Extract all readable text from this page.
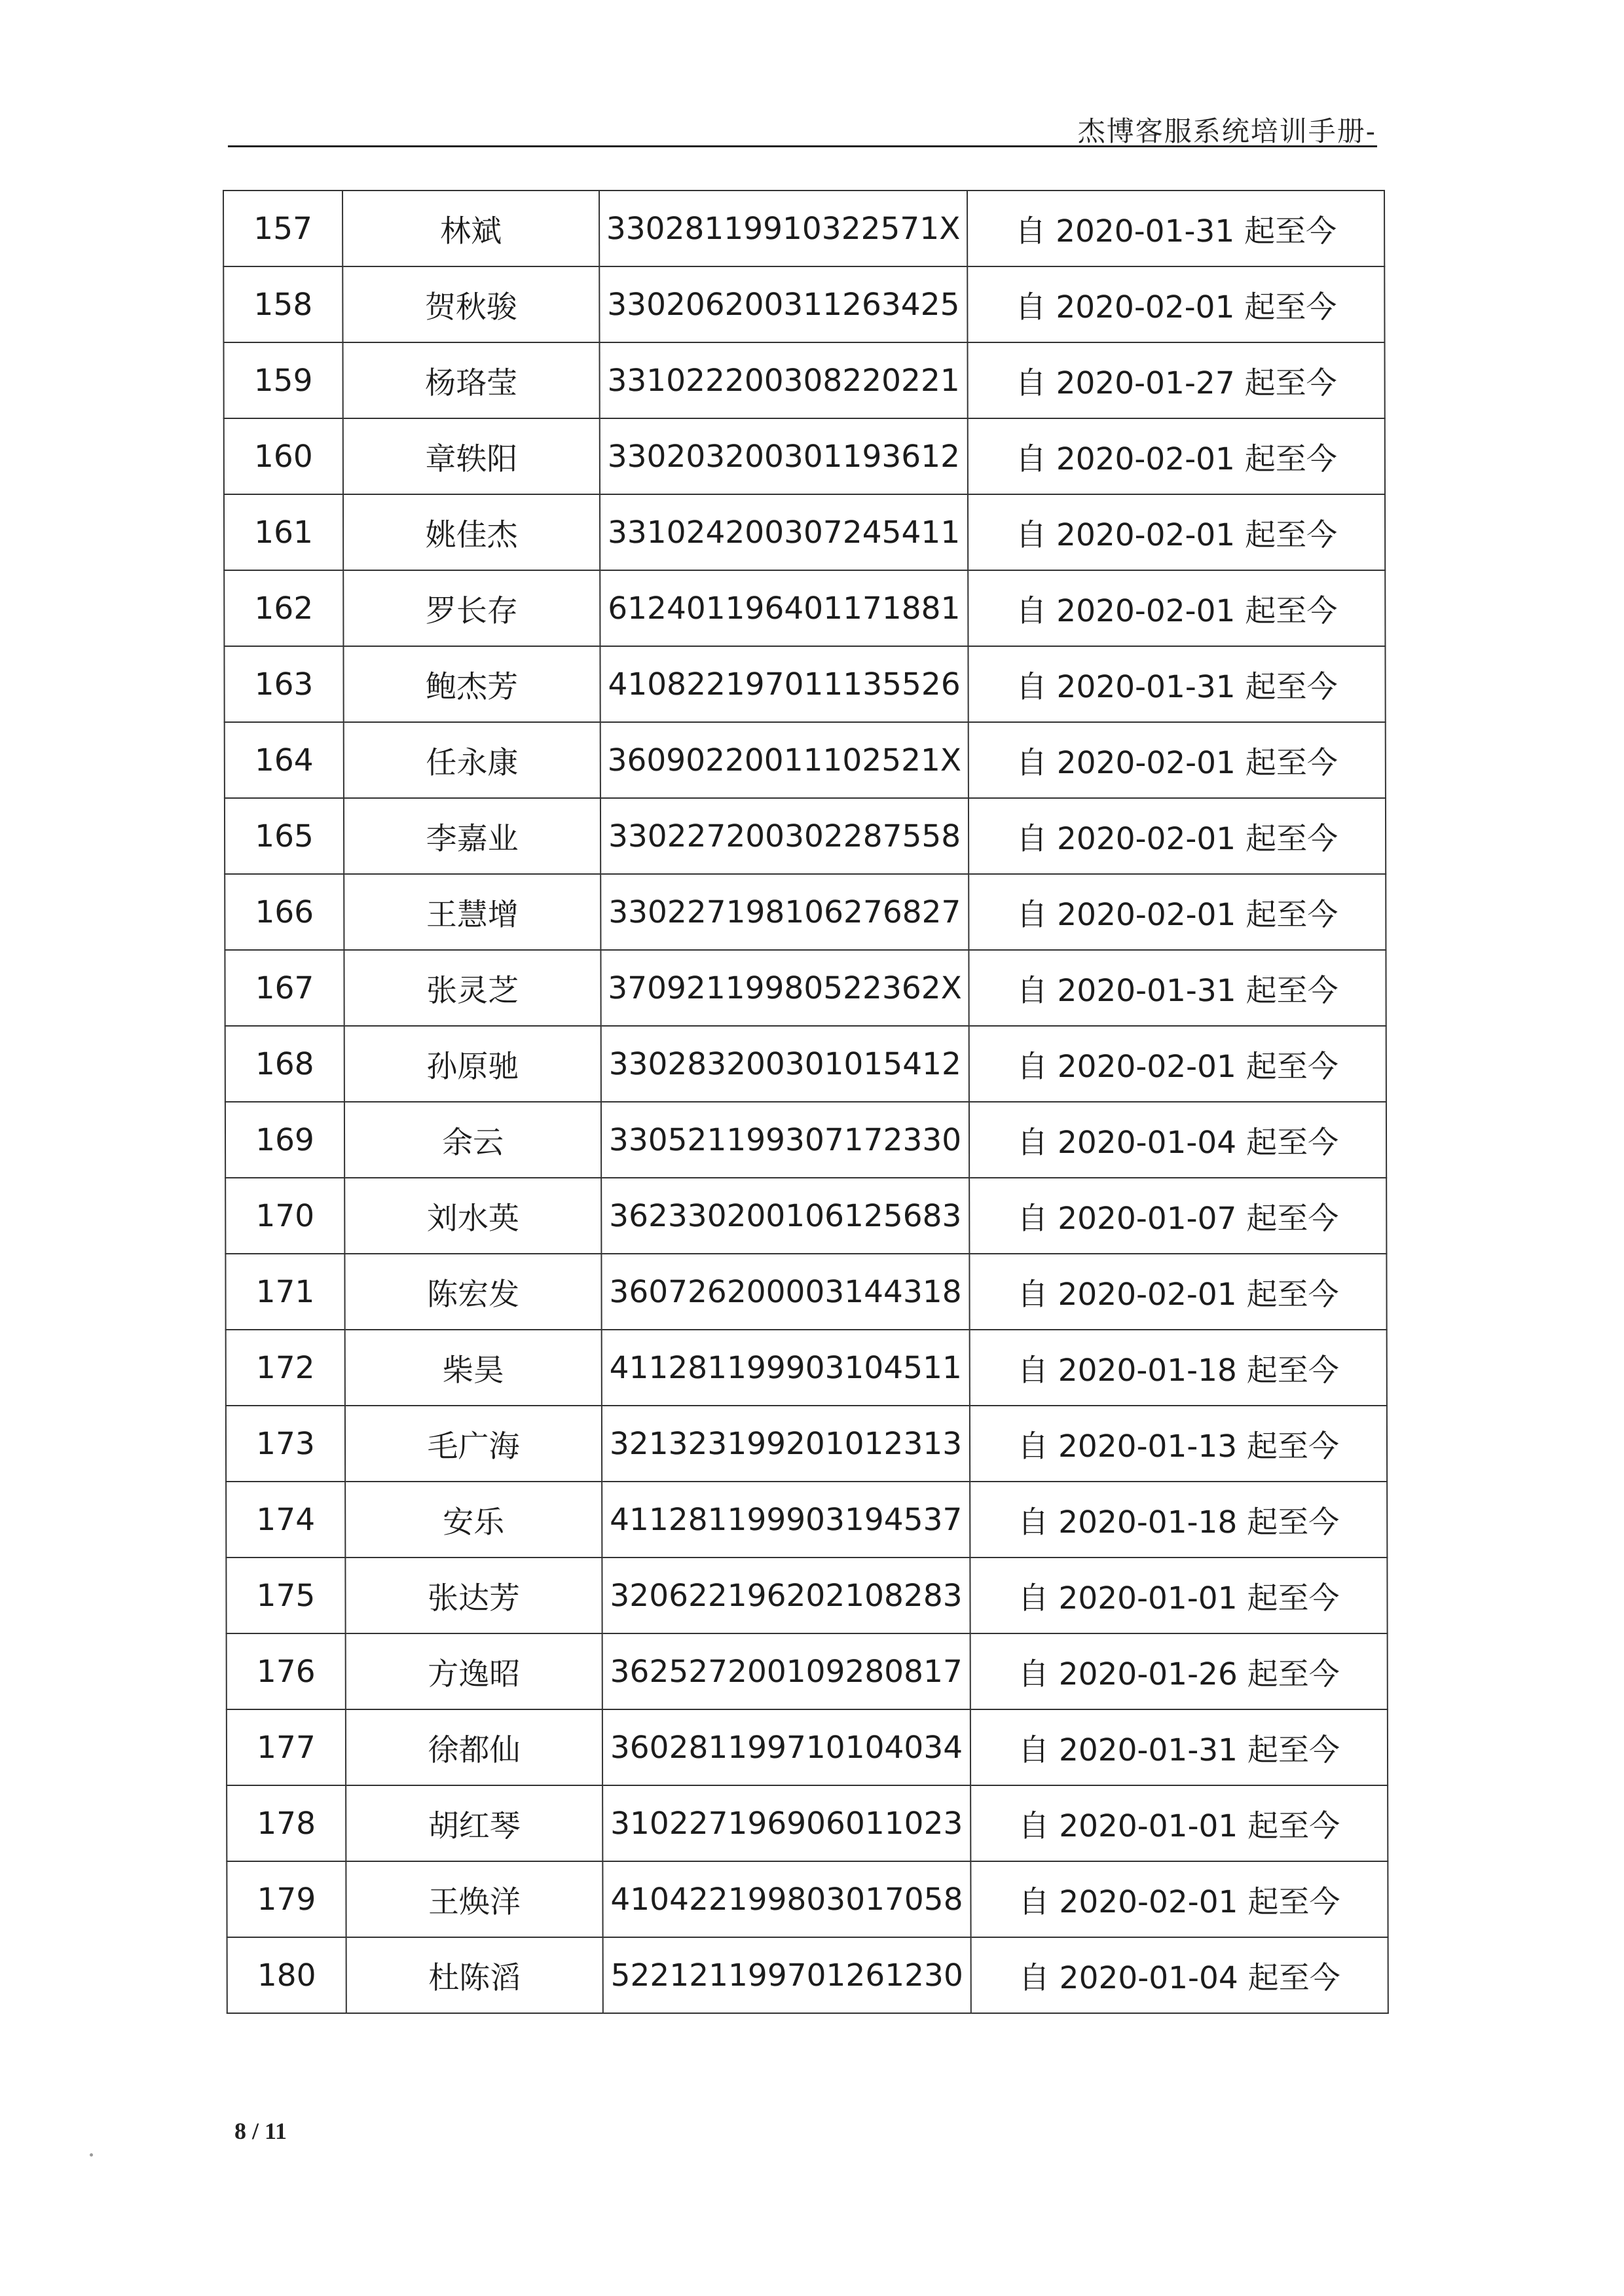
杰博客服系统培训手册-
157	林斌	33028119910322571X	自 2020-01-31 起至今
158	贺秋骏	330206200311263425	自 2020-02-01 起至今
159	杨珞莹	331022200308220221	自 2020-01-27 起至今
160	章轶阳	330203200301193612	自 2020-02-01 起至今
161	姚佳杰	331024200307245411	自 2020-02-01 起至今
162	罗长存	612401196401171881	自 2020-02-01 起至今
163	鲍杰芳	410822197011135526	自 2020-01-31 起至今
164	任永康	36090220011102521X	自 2020-02-01 起至今
165	李嘉业	330227200302287558	自 2020-02-01 起至今
166	王慧增	330227198106276827	自 2020-02-01 起至今
167	张灵芝	37092119980522362X	自 2020-01-31 起至今
168	孙原驰	330283200301015412	自 2020-02-01 起至今
169	余云	330521199307172330	自 2020-01-04 起至今
170	刘水英	362330200106125683	自 2020-01-07 起至今
171	陈宏发	360726200003144318	自 2020-02-01 起至今
172	柴昊	411281199903104511	自 2020-01-18 起至今
173	毛广海	321323199201012313	自 2020-01-13 起至今
174	安乐	411281199903194537	自 2020-01-18 起至今
175	张达芳	320622196202108283	自 2020-01-01 起至今
176	方逸昭	362527200109280817	自 2020-01-26 起至今
177	徐都仙	360281199710104034	自 2020-01-31 起至今
178	胡红琴	310227196906011023	自 2020-01-01 起至今
179	王焕洋	410422199803017058	自 2020-02-01 起至今
180	杜陈滔	522121199701261230	自 2020-01-04 起至今
8 / 11
